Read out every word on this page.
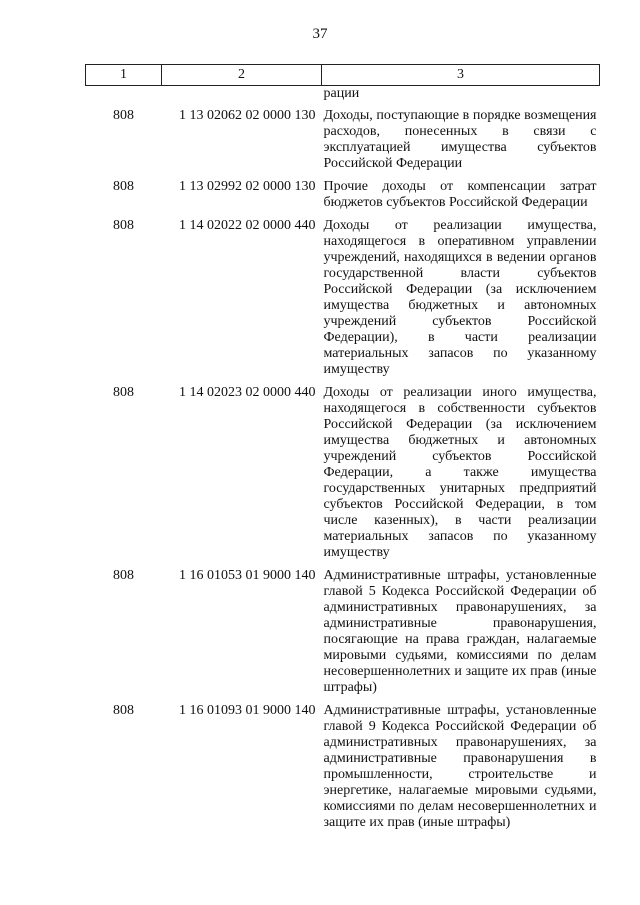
37
1	2	3
		рации
808	1 13 02062 02 0000 130	Доходы, поступающие в порядке возмещения расходов, понесенных в связи с эксплуатацией имущества субъектов Российской Федерации
808	1 13 02992 02 0000 130	Прочие доходы от компенсации затрат бюджетов субъектов Российской Федерации
808	1 14 02022 02 0000 440	Доходы от реализации имущества, находящегося в оперативном управлении учреждений, находящихся в ведении органов государственной власти субъектов Российской Федерации (за исключением имущества бюджетных и автономных учреждений субъектов Российской Федерации), в части реализации материальных запасов по указанному имуществу
808	1 14 02023 02 0000 440	Доходы от реализации иного имущества, находящегося в собственности субъектов Российской Федерации (за исключением имущества бюджетных и автономных учреждений субъектов Российской Федерации, а также имущества государственных унитарных предприятий субъектов Российской Федерации, в том числе казенных), в части реализации материальных запасов по указанному имуществу
808	1 16 01053 01 9000 140	Административные штрафы, установленные главой 5 Кодекса Российской Федерации об административных правонарушениях, за административные правонарушения, посягающие на права граждан, налагаемые мировыми судьями, комиссиями по делам несовершеннолетних и защите их прав (иные штрафы)
808	1 16 01093 01 9000 140	Административные штрафы, установленные главой 9 Кодекса Российской Федерации об административных правонарушениях, за административные правонарушения в промышленности, строительстве и энергетике, налагаемые мировыми судьями, комиссиями по делам несовершеннолетних и защите их прав (иные штрафы)
